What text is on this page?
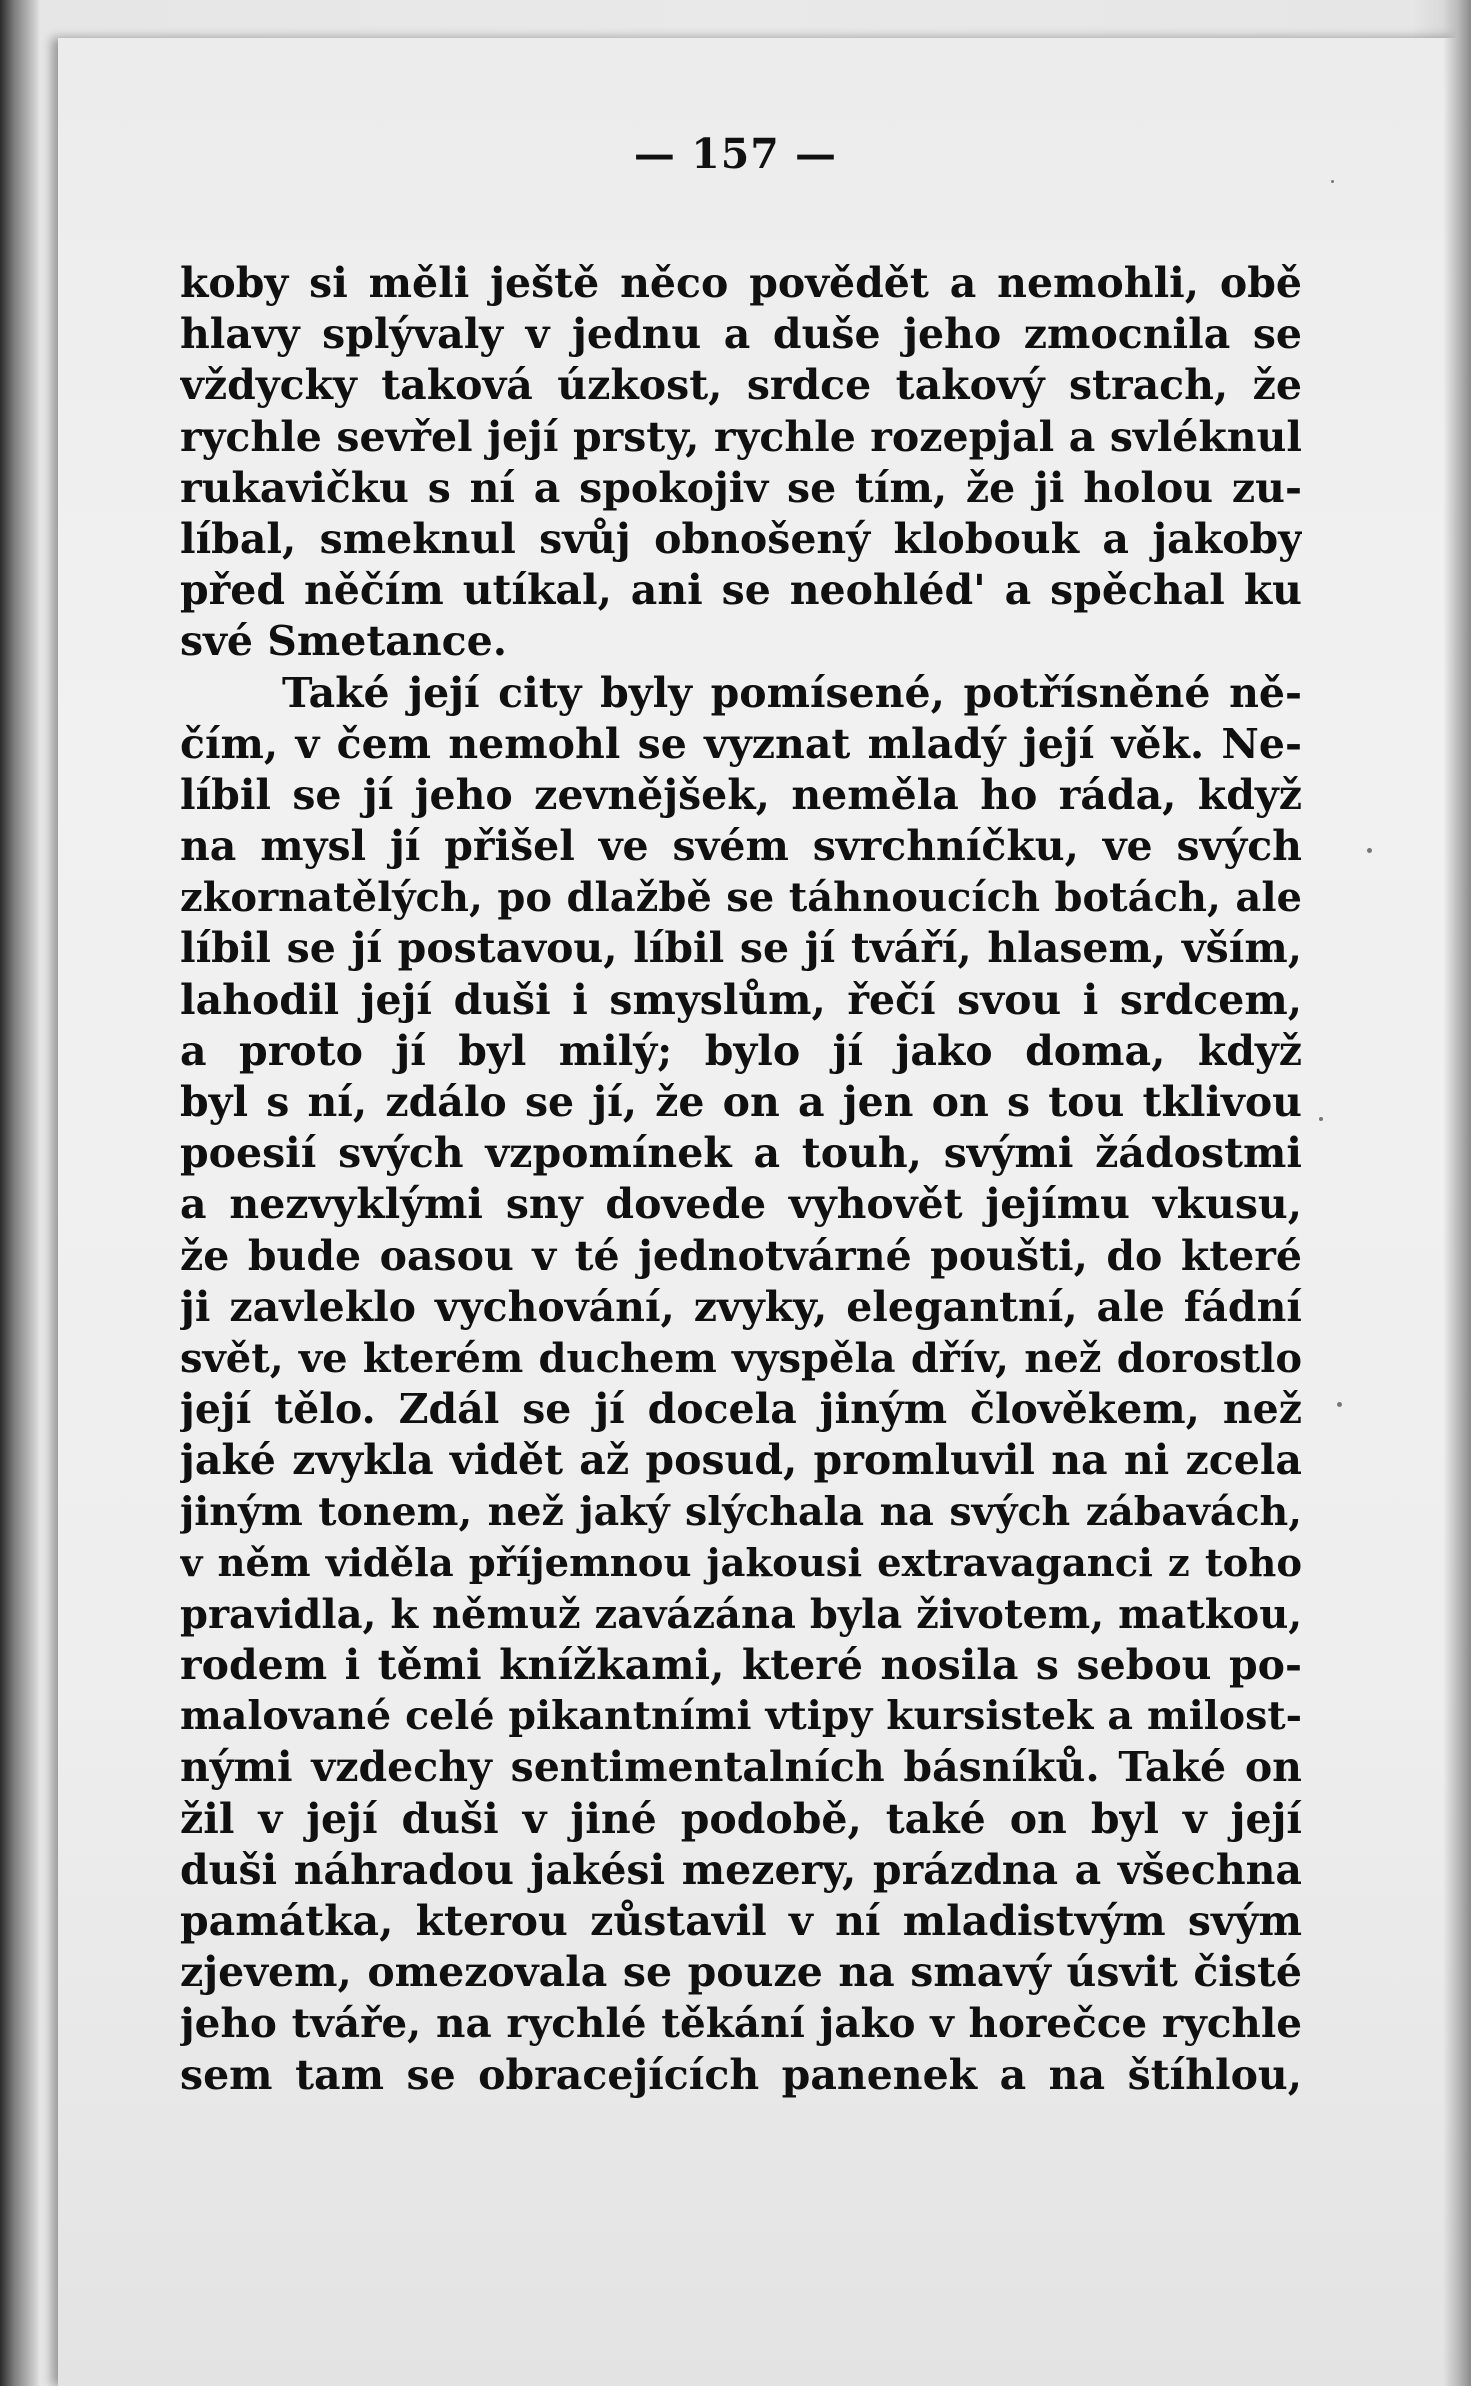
— 157 —
koby si měli ještě něco povědět a nemohli, obě
hlavy splývaly v jednu a duše jeho zmocnila se
vždycky taková úzkost, srdce takový strach, že
rychle sevřel její prsty, rychle rozepjal a svléknul
rukavičku s ní a spokojiv se tím, že ji holou zu-
líbal, smeknul svůj obnošený klobouk a jakoby
před něčím utíkal, ani se neohléd' a spěchal ku
své Smetance.
Také její city byly pomísené, potřísněné ně-
čím, v čem nemohl se vyznat mladý její věk. Ne-
líbil se jí jeho zevnějšek, neměla ho ráda, když
na mysl jí přišel ve svém svrchníčku, ve svých
zkornatělých, po dlažbě se táhnoucích botách, ale
líbil se jí postavou, líbil se jí tváří, hlasem, vším,
lahodil její duši i smyslům, řečí svou i srdcem,
a proto jí byl milý; bylo jí jako doma, když
byl s ní, zdálo se jí, že on a jen on s tou tklivou
poesií svých vzpomínek a touh, svými žádostmi
a nezvyklými sny dovede vyhovět jejímu vkusu,
že bude oasou v té jednotvárné poušti, do které
ji zavleklo vychování, zvyky, elegantní, ale fádní
svět, ve kterém duchem vyspěla dřív, než dorostlo
její tělo. Zdál se jí docela jiným člověkem, než
jaké zvykla vidět až posud, promluvil na ni zcela
jiným tonem, než jaký slýchala na svých zábavách,
v něm viděla příjemnou jakousi extravaganci z toho
pravidla, k němuž zavázána byla životem, matkou,
rodem i těmi knížkami, které nosila s sebou po-
malované celé pikantními vtipy kursistek a milost-
nými vzdechy sentimentalních básníků. Také on
žil v její duši v jiné podobě, také on byl v její
duši náhradou jakési mezery, prázdna a všechna
památka, kterou zůstavil v ní mladistvým svým
zjevem, omezovala se pouze na smavý úsvit čisté
jeho tváře, na rychlé těkání jako v horečce rychle
sem tam se obracejících panenek a na štíhlou,
